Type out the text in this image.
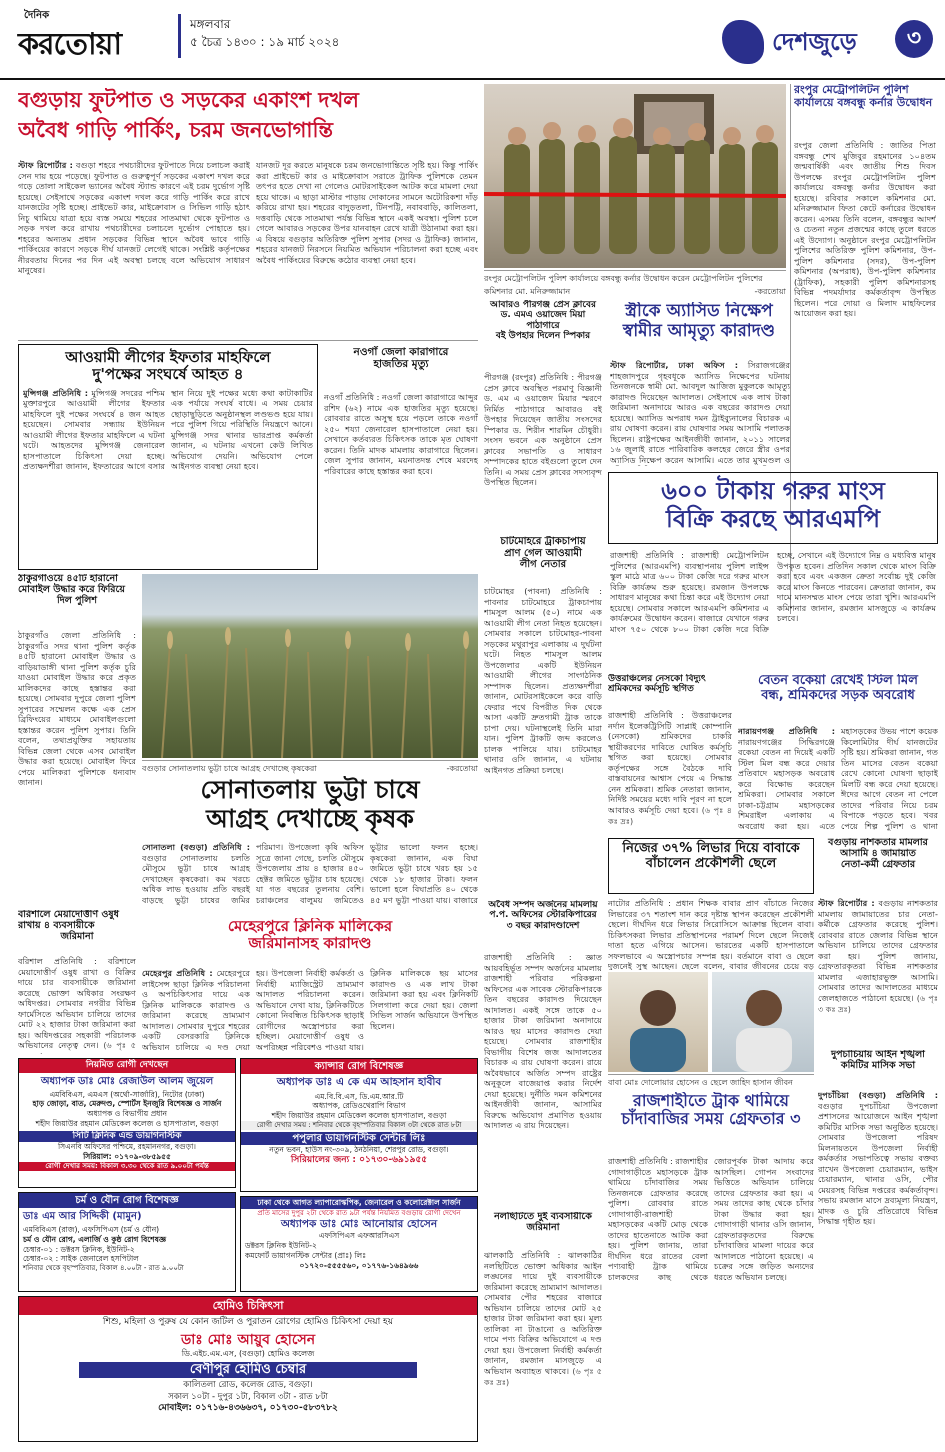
দৈনিক
করতোয়া
মঙ্গলবার
৫ চৈত্র ১৪৩০ : ১৯ মার্চ ২০২৪	দেশজুড়ে	৩
বগুড়ায় ফুটপাত ও সড়কের একাংশ দখল
অবৈধ গাড়ি পার্কিং, চরম জনভোগান্তি
স্টাফ রিপোর্টার : বগুড়া শহরে পথচারীদের ফুটপাতে দিয়ে চলাচল করাই সেন দায় হয়ে পড়েছে। ফুটপাত ও গুরুত্বপূর্ণ সড়কের একাংশ দখল করে গড়ে তোলা সাইকেল ভ্যানের অবৈধ স্ট্যান্ড কারণে এই চরম দুর্ভোগ সৃষ্টি হয়েছে। সেইসাথে সড়কের একাংশ দখল করে গাড়ি পার্কিং করে রাখে যানজটের সৃষ্টি হচ্ছে। প্রাইভেট কার, মাইক্রোবাস ও সিভিল গাড়ি হঠাৎ নিচু থামিয়ে যাত্রা হয়ে ব্যস্ত সময়ে শহরের সাতমাথা থেকে ফুটপাত ও সড়ক দখল করে রাখায় পথচারীদের চলাচলে দুর্ভোগ পোহাতে হয়। শহরের অন্যতম প্রধান সড়কের বিভিন্ন স্থানে অবৈধ ভাবে গাড়ি পার্কিংয়ের কারণে সড়কে দীর্ঘ যানজট লেগেই থাকে। সংশ্লিষ্ট কর্তৃপক্ষের নীরবতায় দিনের পর দিন এই অবস্থা চলছে বলে অভিযোগ সাধারণ মানুষের।
যানজট দূর করতে মানুষকে চরম জনভোগান্তিতে সৃষ্টি হয়। কিন্তু পার্কিং করা প্রাইভেট কার ও মাইক্রোবাস সরাতে ট্রাফিক পুলিশকে তেমন তৎপর হতে দেখা না গেলেও মোটরসাইকেল আটক করে মামলা দেয়া হয়ে থাকে। এ ছাড়া মাস্টার পাড়ায় দোকানের সামনে অটোরিকশা দাঁড় করিয়ে রাখা হয়। শহরের বাদুড়তলা, টিনপট্টি, নবাববাড়ি, কালিতলা, দত্তবাড়ি থেকে সাতমাথা পর্যন্ত বিভিন্ন স্থানে একই অবস্থা। পুলিশ চলে গেলে আবারও সড়কের উপর যানবাহন রেখে যাত্রী উঠানামা করা হয়। এ বিষয়ে বগুড়ার অতিরিক্ত পুলিশ সুপার (সদর ও ট্রাফিক) জানান, শহরের যানজট নিরসনে নিয়মিত অভিযান পরিচালনা করা হচ্ছে এবং অবৈধ পার্কিংয়ের বিরুদ্ধে কঠোর ব্যবস্থা নেয়া হবে।
রংপুর মেট্রোপলিটন পুলিশ কার্যালয়ে বঙ্গবন্ধু কর্নার উদ্বোধন করেন মেট্রোপলিটন পুলিশের কমিশনার মো. মনিরুজ্জামান	-করতোয়া
রংপুর মেট্রোপলিটন পুলিশ কার্যালয়ে বঙ্গবন্ধু কর্নার উদ্বোধন
রংপুর জেলা প্রতিনিধি : জাতির পিতা বঙ্গবন্ধু শেখ মুজিবুর রহমানের ১০৪তম জন্মবার্ষিকী এবং জাতীয় শিশু দিবস উপলক্ষে রংপুর মেট্রোপলিটন পুলিশ কার্যালয়ে বঙ্গবন্ধু কর্নার উদ্বোধন করা হয়েছে। রবিবার সকালে কমিশনার মো. মনিরুজ্জামান ফিতা কেটে কর্নারের উদ্বোধন করেন। এসময় তিনি বলেন, বঙ্গবন্ধুর আদর্শ ও চেতনা নতুন প্রজন্মের কাছে তুলে ধরতে এই উদ্যোগ। অনুষ্ঠানে রংপুর মেট্রোপলিটন পুলিশের অতিরিক্ত পুলিশ কমিশনার, উপ-পুলিশ কমিশনার (সদর), উপ-পুলিশ কমিশনার (অপরাধ), উপ-পুলিশ কমিশনার (ট্রাফিক), সহকারী পুলিশ কমিশনারসহ বিভিন্ন পদমর্যাদার কর্মকর্তাবৃন্দ উপস্থিত ছিলেন। পরে দোয়া ও মিলাদ মাহফিলের আয়োজন করা হয়।
আবারও পীরগঞ্জ প্রেস ক্লাবের
ড. এমএ ওয়াজেদ মিয়া পাঠাগারে
বই উপহার দিলেন স্পিকার
পীরগঞ্জ (রংপুর) প্রতিনিধি : পীরগঞ্জ প্রেস ক্লাবে অবস্থিত পরমাণু বিজ্ঞানী ড. এম এ ওয়াজেদ মিয়ার স্মরণে নির্মিত পাঠাগারে আবারও বই উপহার দিয়েছেন জাতীয় সংসদের স্পিকার ড. শিরীন শারমিন চৌধুরী। সংসদ ভবনে এক অনুষ্ঠানে প্রেস ক্লাবের সভাপতি ও সাধারণ সম্পাদকের হাতে বইগুলো তুলে দেন তিনি। এ সময় প্রেস ক্লাবের সদস্যবৃন্দ উপস্থিত ছিলেন।
স্ত্রীকে অ্যাসিড নিক্ষেপ
স্বামীর আমৃত্যু কারাদণ্ড
স্টাফ রিপোর্টার, ঢাকা অফিস : সিরাজগঞ্জের শাহজাদপুরে গৃহবধূকে অ্যাসিড নিক্ষেপের ঘটনায় তিনজনকে স্বামী মো. আবদুল আজিজ মুকুলকে আমৃত্যু কারাদণ্ড দিয়েছেন আদালত। সেইসাথে এক লাখ টাকা জরিমানা অনাদায়ে আরও এক বছরের কারাদণ্ড দেয়া হয়েছে। অ্যাসিড অপরাধ দমন ট্রাইব্যুনালের বিচারক এ রায় ঘোষণা করেন। রায় ঘোষণার সময় আসামি পলাতক ছিলেন। রাষ্ট্রপক্ষের আইনজীবী জানান, ২০১১ সালের ১৬ জুলাই রাতে পারিবারিক কলহের জেরে স্ত্রীর ওপর অ্যাসিড নিক্ষেপ করেন আসামি। এতে তার মুখমণ্ডল ও
আওয়ামী লীগের ইফতার মাহফিলে
দু'পক্ষের সংঘর্ষে আহত ৪
মুন্সিগঞ্জ প্রতিনিধি : মুন্সিগঞ্জ সদরের পশ্চিম মুক্তারপুরে আওয়ামী লীগের ইফতার মাহফিলে দুই পক্ষের সংঘর্ষে ৪ জন আহত হয়েছেন। সোমবার সন্ধ্যায় ইউনিয়ন আওয়ামী লীগের ইফতার মাহফিলে এ ঘটনা ঘটে। আহতদের মুন্সিগঞ্জ জেনারেল হাসপাতালে চিকিৎসা দেয়া হচ্ছে। প্রত্যক্ষদর্শীরা জানান, ইফতারের আগে বসার স্থান নিয়ে দুই পক্ষের মধ্যে কথা কাটাকাটির এক পর্যায়ে সংঘর্ষ বাধে। এ সময় চেয়ার ছোড়াছুড়িতে অনুষ্ঠানস্থল লণ্ডভণ্ড হয়ে যায়। পরে পুলিশ গিয়ে পরিস্থিতি নিয়ন্ত্রণে আনে। মুন্সিগঞ্জ সদর থানার ভারপ্রাপ্ত কর্মকর্তা জানান, এ ঘটনায় এখনো কেউ লিখিত অভিযোগ দেয়নি। অভিযোগ পেলে আইনগত ব্যবস্থা নেয়া হবে।
নওগাঁ জেলা কারাগারে
হাজতির মৃত্যু
নওগাঁ প্রতিনিধি : নওগাঁ জেলা কারাগারে আব্দুর রশিদ (৬২) নামে এক হাজতির মৃত্যু হয়েছে। রোববার রাতে অসুস্থ হয়ে পড়লে তাকে নওগাঁ ২৫০ শয্যা জেনারেল হাসপাতালে নেয়া হয়। সেখানে কর্তব্যরত চিকিৎসক তাকে মৃত ঘোষণা করেন। তিনি মাদক মামলায় কারাগারে ছিলেন। জেল সুপার জানান, ময়নাতদন্ত শেষে মরদেহ পরিবারের কাছে হস্তান্তর করা হবে।
চাটমোহরে ট্রাকচাপায়
প্রাণ গেল আওয়ামী
লীগ নেতার
চাটমোহর (পাবনা) প্রতিনিধি : পাবনার চাটমোহরে ট্রাকচাপায় শামসুল আলম (৫০) নামে এক আওয়ামী লীগ নেতা নিহত হয়েছেন। সোমবার সকালে চাটমোহর-পাবনা সড়কের মথুরাপুর এলাকায় এ দুর্ঘটনা ঘটে। নিহত শামসুল আলম উপজেলার একটি ইউনিয়ন আওয়ামী লীগের সাংগঠনিক সম্পাদক ছিলেন। প্রত্যক্ষদর্শীরা জানান, মোটরসাইকেলে করে বাড়ি ফেরার পথে বিপরীত দিক থেকে আসা একটি দ্রুতগামী ট্রাক তাকে চাপা দেয়। ঘটনাস্থলেই তিনি মারা যান। পুলিশ ট্রাকটি জব্দ করলেও চালক পালিয়ে যায়। চাটমোহর থানার ওসি জানান, এ ঘটনায় আইনগত প্রক্রিয়া চলছে।
৬০০ টাকায় গরুর মাংস
বিক্রি করছে আরএমপি
রাজশাহী প্রতিনিধি : রাজশাহী মেট্রোপলিটন পুলিশের (আরএমপি) ব্যবস্থাপনায় পুলিশ লাইন্স স্কুল মাঠে মাত্র ৬০০ টাকা কেজি দরে গরুর মাংস বিক্রি কার্যক্রম শুরু হয়েছে। রমজান উপলক্ষে সাধারণ মানুষের কথা চিন্তা করে এই উদ্যোগ নেয়া হয়েছে। সোমবার সকালে আরএমপি কমিশনার এ কার্যক্রমের উদ্বোধন করেন। বাজারে যেখানে গরুর মাংস ৭৫০ থেকে ৮০০ টাকা কেজি দরে বিক্রি হচ্ছে, সেখানে এই উদ্যোগে নিম্ন ও মধ্যবিত্ত মানুষ উপকৃত হবেন। প্রতিদিন সকাল থেকে মাংস বিক্রি করা হবে এবং একজন ক্রেতা সর্বোচ্চ দুই কেজি করে মাংস কিনতে পারবেন। ক্রেতারা জানান, কম দামে মানসম্মত মাংস পেয়ে তারা খুশি। আরএমপি কমিশনার জানান, রমজান মাসজুড়ে এ কার্যক্রম চলবে।
ঠাকুরগাঁওয়ে ৪৫টি হারানো
মোবাইল উদ্ধার করে ফিরিয়ে
দিল পুলিশ
ঠাকুরগাঁও জেলা প্রতিনিধি : ঠাকুরগাঁও সদর থানা পুলিশ কর্তৃক ৪৫টি হারানো মোবাইল উদ্ধার ও বাড়িয়াডাঙ্গী থানা পুলিশ কর্তৃক চুরি যাওয়া মোবাইল উদ্ধার করে প্রকৃত মালিকদের কাছে হস্তান্তর করা হয়েছে। সোমবার দুপুরে জেলা পুলিশ সুপারের সম্মেলন কক্ষে এক প্রেস ব্রিফিংয়ের মাধ্যমে মোবাইলগুলো হস্তান্তর করেন পুলিশ সুপার। তিনি বলেন, তথ্যপ্রযুক্তির সহায়তায় বিভিন্ন জেলা থেকে এসব মোবাইল উদ্ধার করা হয়েছে। মোবাইল ফিরে পেয়ে মালিকরা পুলিশকে ধন্যবাদ জানান।
বগুড়ার সোনাতলায় ভুট্টা চাষে আগ্রহ দেখাচ্ছে কৃষকেরা	-করতোয়া
সোনাতলায় ভুট্টা চাষে
আগ্রহ দেখাচ্ছে কৃষক
সোনাতলা (বগুড়া) প্রতিনিধি : বগুড়ার সোনাতলায় চলতি মৌসুমে ভুট্টা চাষে আগ্রহ দেখাচ্ছেন কৃষকেরা। কম খরচে অধিক লাভ হওয়ায় প্রতি বছরই বাড়ছে ভুট্টা চাষের জমির পরিমাণ। উপজেলা কৃষি অফিস সূত্রে জানা গেছে, চলতি মৌসুমে উপজেলায় প্রায় ৪ হাজার ৪৫০ হেক্টর জমিতে ভুট্টার চাষ হয়েছে। যা গত বছরের তুলনায় বেশি। চরাঞ্চলের বালুময় জমিতেও ভুট্টার ভালো ফলন হচ্ছে। কৃষকেরা জানান, এক বিঘা জমিতে ভুট্টা চাষে খরচ হয় ১৫ থেকে ১৮ হাজার টাকা। ফলন ভালো হলে বিঘাপ্রতি ৪০ থেকে ৪৫ মণ ভুট্টা পাওয়া যায়। বাজারে
বরিশালে মেয়াদোত্তীর্ণ ওষুধ
রাখায় ৪ ব্যবসায়ীকে
জরিমানা
বরিশাল প্রতিনিধি : বরিশালে মেয়াদোত্তীর্ণ ওষুধ রাখা ও বিক্রির দায়ে চার ব্যবসায়ীকে জরিমানা করেছে ভোক্তা অধিকার সংরক্ষণ অধিদপ্তর। সোমবার নগরীর বিভিন্ন ফার্মেসিতে অভিযান চালিয়ে তাদের মোট ২২ হাজার টাকা জরিমানা করা হয়। অধিদপ্তরের সহকারী পরিচালক অভিযানের নেতৃত্ব দেন। (৬ পৃঃ ৫
মেহেরপুরে ক্লিনিক মালিকের
জরিমানাসহ কারাদণ্ড
মেহেরপুর প্রতিনিধি : মেহেরপুরে লাইসেন্স ছাড়া ক্লিনিক পরিচালনা ও অপচিকিৎসার দায়ে এক ক্লিনিক মালিককে কারাদণ্ড ও জরিমানা করেছে ভ্রাম্যমাণ আদালত। সোমবার দুপুরে শহরের একটি বেসরকারি ক্লিনিকে অভিযান চালিয়ে এ দণ্ড দেয়া হয়। উপজেলা নির্বাহী কর্মকর্তা ও নির্বাহী ম্যাজিস্ট্রেট ভ্রাম্যমাণ আদালত পরিচালনা করেন। অভিযানে দেখা যায়, ক্লিনিকটিতে কোনো নিবন্ধিত চিকিৎসক ছাড়াই রোগীদের অস্ত্রোপচার করা হচ্ছিল। মেয়াদোত্তীর্ণ ওষুধ ও অপরিচ্ছন্ন পরিবেশও পাওয়া যায়। ক্লিনিক মালিককে ছয় মাসের কারাদণ্ড ও এক লাখ টাকা জরিমানা করা হয় এবং ক্লিনিকটি সিলগালা করে দেয়া হয়। জেলা সিভিল সার্জন অভিযানে উপস্থিত ছিলেন।
উত্তরাঞ্চলের নেসকো বিদ্যুৎ
শ্রমিকদের কর্মসূচি স্থগিত
রাজশাহী প্রতিনিধি : উত্তরাঞ্চলের নর্দান ইলেকট্রিসিটি সাপ্লাই কোম্পানি (নেসকো) শ্রমিকদের চাকরি স্থায়ীকরণের দাবিতে ঘোষিত কর্মসূচি স্থগিত করা হয়েছে। সোমবার কর্তৃপক্ষের সঙ্গে বৈঠকে দাবি বাস্তবায়নের আশ্বাস পেয়ে এ সিদ্ধান্ত নেন শ্রমিকরা। শ্রমিক নেতারা জানান, নির্দিষ্ট সময়ের মধ্যে দাবি পূরণ না হলে আবারও কর্মসূচি দেয়া হবে। (৬ পৃঃ ৪ কঃ দ্রঃ)
বেতন বকেয়া রেখেই স্টিল মিল
বন্ধ, শ্রমিকদের সড়ক অবরোধ
নারায়ণগঞ্জ প্রতিনিধি : নারায়ণগঞ্জের সিদ্ধিরগঞ্জে বকেয়া বেতন না দিয়েই একটি স্টিল মিল বন্ধ করে দেয়ার প্রতিবাদে মহাসড়ক অবরোধ করে বিক্ষোভ করেছেন শ্রমিকরা। সোমবার সকালে ঢাকা-চট্টগ্রাম মহাসড়কের শিমরাইল এলাকায় এ অবরোধ করা হয়। এতে মহাসড়কের উভয় পাশে কয়েক কিলোমিটার দীর্ঘ যানজটের সৃষ্টি হয়। শ্রমিকরা জানান, গত তিন মাসের বেতন বকেয়া রেখে কোনো ঘোষণা ছাড়াই মিলটি বন্ধ করে দেয়া হয়েছে। ঈদের আগে বেতন না পেলে তাদের পরিবার নিয়ে চরম বিপাকে পড়তে হবে। খবর পেয়ে শিল্প পুলিশ ও থানা
অবৈধ সম্পদ অর্জনের মামলায়
প.প. অফিসের স্টোরকিপারের
৩ বছর কারাদণ্ডাদেশ
রাজশাহী প্রতিনিধি : জ্ঞাত আয়বহির্ভূত সম্পদ অর্জনের মামলায় রাজশাহী পরিবার পরিকল্পনা অফিসের এক সাবেক স্টোরকিপারকে তিন বছরের কারাদণ্ড দিয়েছেন আদালত। একই সঙ্গে তাকে ৫০ হাজার টাকা জরিমানা অনাদায়ে আরও ছয় মাসের কারাদণ্ড দেয়া হয়েছে। সোমবার রাজশাহীর বিভাগীয় বিশেষ জজ আদালতের বিচারক এ রায় ঘোষণা করেন। রায়ে অবৈধভাবে অর্জিত সম্পদ রাষ্ট্রের অনুকূলে বাজেয়াপ্ত করার নির্দেশ দেয়া হয়েছে। দুর্নীতি দমন কমিশনের আইনজীবী জানান, আসামির বিরুদ্ধে অভিযোগ প্রমাণিত হওয়ায় আদালত এ রায় দিয়েছেন।
নিজের ৩৭% লিভার দিয়ে বাবাকে
বাঁচালেন প্রকৌশলী ছেলে
নাটোর প্রতিনিধি : প্রধান শিক্ষক বাবার প্রাণ বাঁচাতে নিজের লিভারের ৩৭ শতাংশ দান করে দৃষ্টান্ত স্থাপন করেছেন প্রকৌশলী ছেলে। দীর্ঘদিন ধরে লিভার সিরোসিসে আক্রান্ত ছিলেন বাবা। চিকিৎসকরা লিভার প্রতিস্থাপনের পরামর্শ দিলে ছেলে নিজেই দাতা হতে এগিয়ে আসেন। ভারতের একটি হাসপাতালে সফলভাবে এ অস্ত্রোপচার সম্পন্ন হয়। বর্তমানে বাবা ও ছেলে দুজনেই সুস্থ আছেন। ছেলে বলেন, বাবার জীবনের চেয়ে বড়
বাবা মোঃ দোলোয়ার হোসেন ও ছেলে জাহিদ হাসান জীবন
বগুড়ায় নাশকতার মামলার
আসামি ৪ জামায়াত
নেতা-কর্মী গ্রেফতার
স্টাফ রিপোর্টার : বগুড়ায় নাশকতার মামলায় জামায়াতের চার নেতা-কর্মীকে গ্রেফতার করেছে পুলিশ। রোববার রাতে জেলার বিভিন্ন স্থানে অভিযান চালিয়ে তাদের গ্রেফতার করা হয়। পুলিশ জানায়, গ্রেফতারকৃতরা বিভিন্ন নাশকতার মামলার এজাহারভুক্ত আসামি। সোমবার তাদের আদালতের মাধ্যমে জেলহাজতে পাঠানো হয়েছে। (৬ পৃঃ ৩ কঃ দ্রঃ)
দুপচাঁচিয়ায় আইন শৃঙ্খলা
কমিটির মাসিক সভা
দুপচাঁচিয়া (বগুড়া) প্রতিনিধি : বগুড়ার দুপচাঁচিয়া উপজেলা প্রশাসনের আয়োজনে আইন শৃঙ্খলা কমিটির মাসিক সভা অনুষ্ঠিত হয়েছে। সোমবার উপজেলা পরিষদ মিলনায়তনে উপজেলা নির্বাহী কর্মকর্তার সভাপতিত্বে সভায় বক্তব্য রাখেন উপজেলা চেয়ারম্যান, ভাইস চেয়ারম্যান, থানার ওসি, পৌর মেয়রসহ বিভিন্ন দপ্তরের কর্মকর্তাবৃন্দ। সভায় রমজান মাসে দ্রব্যমূল্য নিয়ন্ত্রণ, মাদক ও চুরি প্রতিরোধে বিভিন্ন সিদ্ধান্ত গৃহীত হয়।
নলছিটিতে দুই ব্যবসায়ীকে
জরিমানা
ঝালকাঠি প্রতিনিধি : ঝালকাঠির নলছিটিতে ভোক্তা অধিকার আইন লঙ্ঘনের দায়ে দুই ব্যবসায়ীকে জরিমানা করেছে ভ্রাম্যমাণ আদালত। সোমবার পৌর শহরের বাজারে অভিযান চালিয়ে তাদের মোট ২৫ হাজার টাকা জরিমানা করা হয়। মূল্য তালিকা না টাঙানো ও অতিরিক্ত দামে পণ্য বিক্রির অভিযোগে এ দণ্ড দেয়া হয়। উপজেলা নির্বাহী কর্মকর্তা জানান, রমজান মাসজুড়ে এ অভিযান অব্যাহত থাকবে। (৬ পৃঃ ৫ কঃ দ্রঃ)
রাজশাহীতে ট্রাক থামিয়ে
চাঁদাবাজির সময় গ্রেফতার ৩
রাজশাহী প্রতিনিধি : রাজশাহীর গোদাগাড়ীতে মহাসড়কে ট্রাক থামিয়ে চাঁদাবাজির সময় তিনজনকে গ্রেফতার করেছে পুলিশ। রোববার রাতে গোদাগাড়ী-রাজশাহী মহাসড়কের একটি মোড় থেকে তাদের হাতেনাতে আটক করা হয়। পুলিশ জানায়, তারা দীর্ঘদিন ধরে রাতের বেলা পণ্যবাহী ট্রাক থামিয়ে চালকদের কাছ থেকে জোরপূর্বক টাকা আদায় করে আসছিল। গোপন সংবাদের ভিত্তিতে অভিযান চালিয়ে তাদের গ্রেফতার করা হয়। এ সময় তাদের কাছ থেকে চাঁদার টাকা উদ্ধার করা হয়। গোদাগাড়ী থানার ওসি জানান, গ্রেফতারকৃতদের বিরুদ্ধে চাঁদাবাজির মামলা দায়ের করে আদালতে পাঠানো হয়েছে। এ চক্রের সঙ্গে জড়িত অন্যদের ধরতে অভিযান চলছে।
নিয়মিত রোগী দেখছেন
অধ্যাপক ডাঃ মোঃ রেজাউল আলম জুয়েল
এমবিবিএস, এমএস (অর্থো-সার্জারি), নিটোর (ঢাকা)
হাড় জোড়া, বাত, মেরুদণ্ড, স্পোর্টস ইনজুরি বিশেষজ্ঞ ও সার্জন
অধ্যাপক ও বিভাগীয় প্রধান
শহীদ জিয়াউর রহমান মেডিকেল কলেজ ও হাসপাতাল, বগুড়া
সিটি ক্লিনিক এন্ড ডায়াগনস্টিক
সিএনবি অফিসের পশ্চিমে, রহমাননগর, বগুড়া।
সিরিয়াল: ০১৭০৯-৩৮৫৯৫৫
রোগী দেখার সময়: বিকাল ৩.৩০ থেকে রাত ৯.০০টা পর্যন্ত
চর্ম ও যৌন রোগ বিশেষজ্ঞ
ডাঃ এম আর সিদ্দিকী (মামুন)
এমবিবিএস (রাজ), এফসিপিএস (চর্ম ও যৌন)
চর্ম ও যৌন রোগ, এলার্জি ও কুষ্ঠ রোগ বিশেষজ্ঞ
চেম্বার-০১ : ডক্টরস ক্লিনিক, ইউনিট-২
চেম্বার-০২ : সাইক জেনারেল হসপিটাল
শনিবার থেকে বৃহস্পতিবার, বিকাল ৪.০০টা - রাত ৯.০০টা
ক্যান্সার রোগ বিশেষজ্ঞ
অধ্যাপক ডাঃ এ কে এম আহসান হাবীব
এম.বি.বি.এস, ডি.এম.আর.টি
অধ্যাপক, রেডিওথেরাপি বিভাগ
শহীদ জিয়াউর রহমান মেডিকেল কলেজ হাসপাতাল, বগুড়া
রোগী দেখার সময় : শনিবার থেকে বৃহস্পতিবার বিকাল ৩টা থেকে রাত ৮টা
পপুলার ডায়াগনস্টিক সেন্টার লিঃ
নতুন ভবন, হাউস নং-৩০৯, ঠনঠনিয়া, শেরপুর রোড, বগুড়া।
সিরিয়ালের জন্য : ০১৭৩০-৬৯১৯৫৫
ঢাকা থেকে আগত ল্যাপারোস্কপিক, জেনারেল ও কলোরেক্টাল সার্জন
প্রতি মাসের দুপুর ২টা থেকে রাত ৯টা পর্যন্ত নিয়মিত বগুড়ায় রোগী দেখেন
অধ্যাপক ডাঃ মোঃ আনোয়ার হোসেন
এফসিপিএস এফআরসিএস
ডক্টরস ক্লিনিক ইউনিট-২
কমফোর্ট ডায়াগনস্টিক সেন্টার (প্রাঃ) লিঃ
০১৭২০-৫৫৫৫৬০, ০১৭৭৬-১৬৪৯৬৬
হোমিও চিকিৎসা
শিশু, মহিলা ও পুরুষ যে কোন জটিল ও পুরাতন রোগের হোমিও চিকিৎসা দেয়া হয়
ডাঃ মোঃ আয়ুব হোসেন
ডি.এইচ.এম.এস, (বগুড়া) হোমিও কলেজ
বেণীপুর হোমিও চেম্বার
কালিতলা রোড, কলেজ রোড, বগুড়া।
সকাল ১০টা - দুপুর ১টা, বিকাল ৩টা - রাত ৮টা
মোবাইল: ০১৭১৬-৪৩৬৬৩৭, ০১৭৩০-৫৮৩৭৮২
